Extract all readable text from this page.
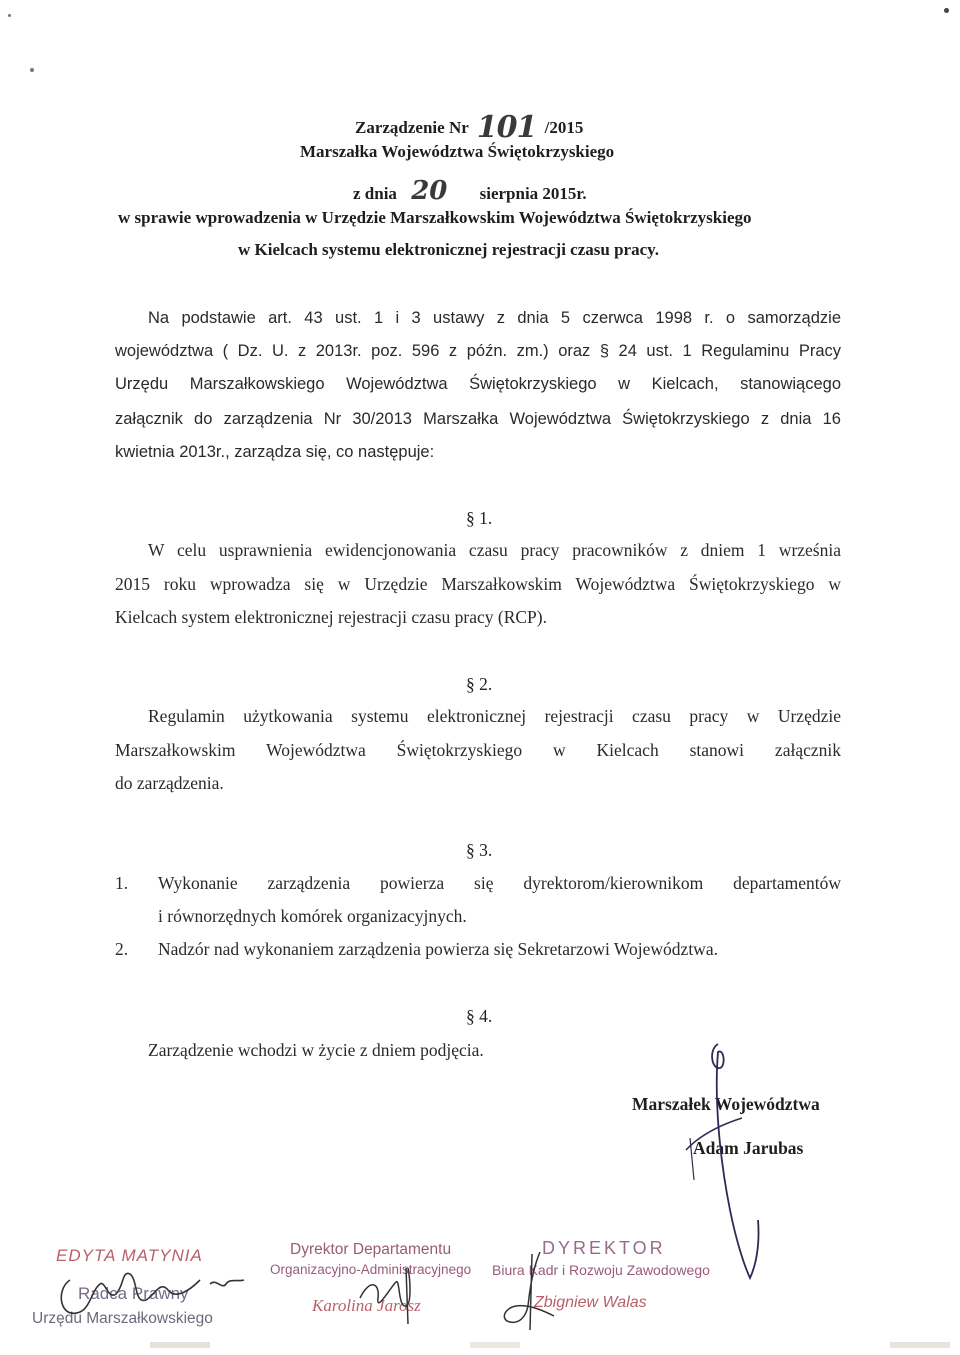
Zarządzenie Nr 101 /2015
Marszałka Województwa Świętokrzyskiego
z dnia 20 sierpnia 2015r.
w sprawie wprowadzenia w Urzędzie Marszałkowskim Województwa Świętokrzyskiego
w Kielcach systemu elektronicznej rejestracji czasu pracy.
Na podstawie art. 43 ust. 1 i 3 ustawy z dnia 5 czerwca 1998 r. o samorządzie
województwa ( Dz. U. z 2013r. poz. 596 z późn. zm.) oraz § 24 ust. 1 Regulaminu Pracy
Urzędu Marszałkowskiego Województwa Świętokrzyskiego w Kielcach, stanowiącego
załącznik do zarządzenia Nr 30/2013 Marszałka Województwa Świętokrzyskiego z dnia 16
kwietnia 2013r., zarządza się, co następuje:
§ 1.
W celu usprawnienia ewidencjonowania czasu pracy pracowników z dniem 1 września
2015 roku wprowadza się w Urzędzie Marszałkowskim Województwa Świętokrzyskiego w
Kielcach system elektronicznej rejestracji czasu pracy (RCP).
§ 2.
Regulamin użytkowania systemu elektronicznej rejestracji czasu pracy w Urzędzie
Marszałkowskim Województwa Świętokrzyskiego w Kielcach stanowi załącznik
do zarządzenia.
§ 3.
1. Wykonanie zarządzenia powierza się dyrektorom/kierownikom departamentów
i równorzędnych komórek organizacyjnych.
2. Nadzór nad wykonaniem zarządzenia powierza się Sekretarzowi Województwa.
§ 4.
Zarządzenie wchodzi w życie z dniem podjęcia.
Marszałek Województwa
Adam Jarubas
EDYTA MATYNIA
Radca Prawny
Urzędu Marszałkowskiego
Dyrektor Departamentu
Organizacyjno-Administracyjnego
Karolina Jarosz
DYREKTOR
Biura Kadr i Rozwoju Zawodowego
Zbigniew Walas
